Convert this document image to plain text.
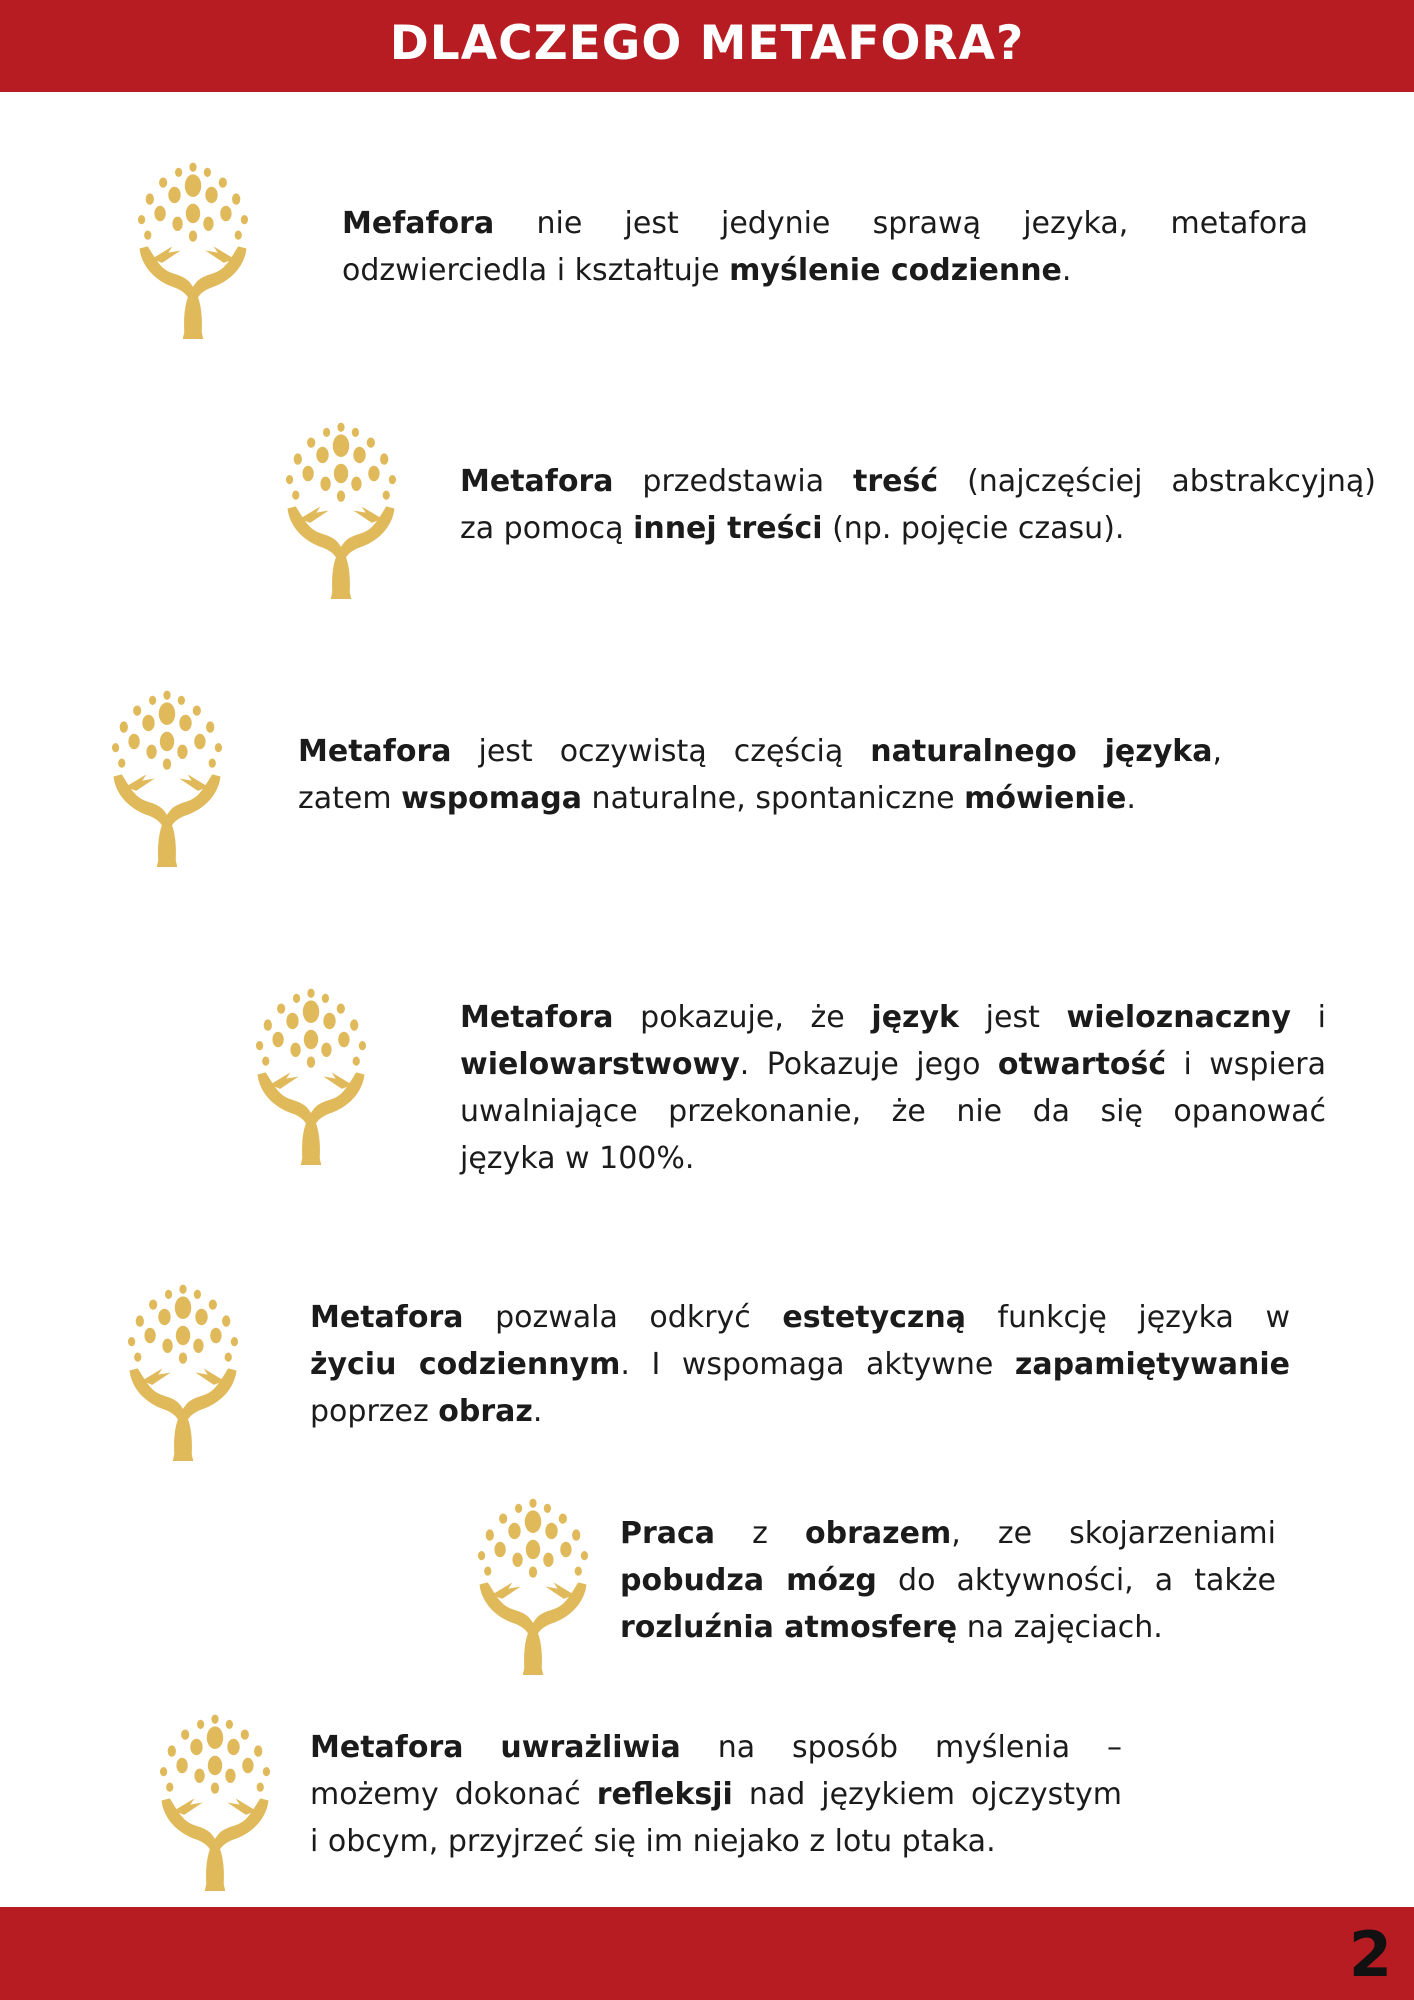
DLACZEGO METAFORA?
Mefafora nie jest jedynie sprawą jezyka, metafora
odzwierciedla i kształtuje myślenie codzienne.
Metafora przedstawia treść (najczęściej abstrakcyjną)
za pomocą innej treści (np. pojęcie czasu).
Metafora jest oczywistą częścią naturalnego języka,
zatem wspomaga naturalne, spontaniczne mówienie.
Metafora pokazuje, że język jest wieloznaczny i
wielowarstwowy. Pokazuje jego otwartość i wspiera
uwalniające przekonanie, że nie da się opanować
języka w 100%.
Metafora pozwala odkryć estetyczną funkcję języka w
życiu codziennym. I wspomaga aktywne zapamiętywanie
poprzez obraz.
Praca z obrazem, ze skojarzeniami
pobudza mózg do aktywności, a także
rozluźnia atmosferę na zajęciach.
Metafora uwrażliwia na sposób myślenia –
możemy dokonać refleksji nad językiem ojczystym
i obcym, przyjrzeć się im niejako z lotu ptaka.
2
